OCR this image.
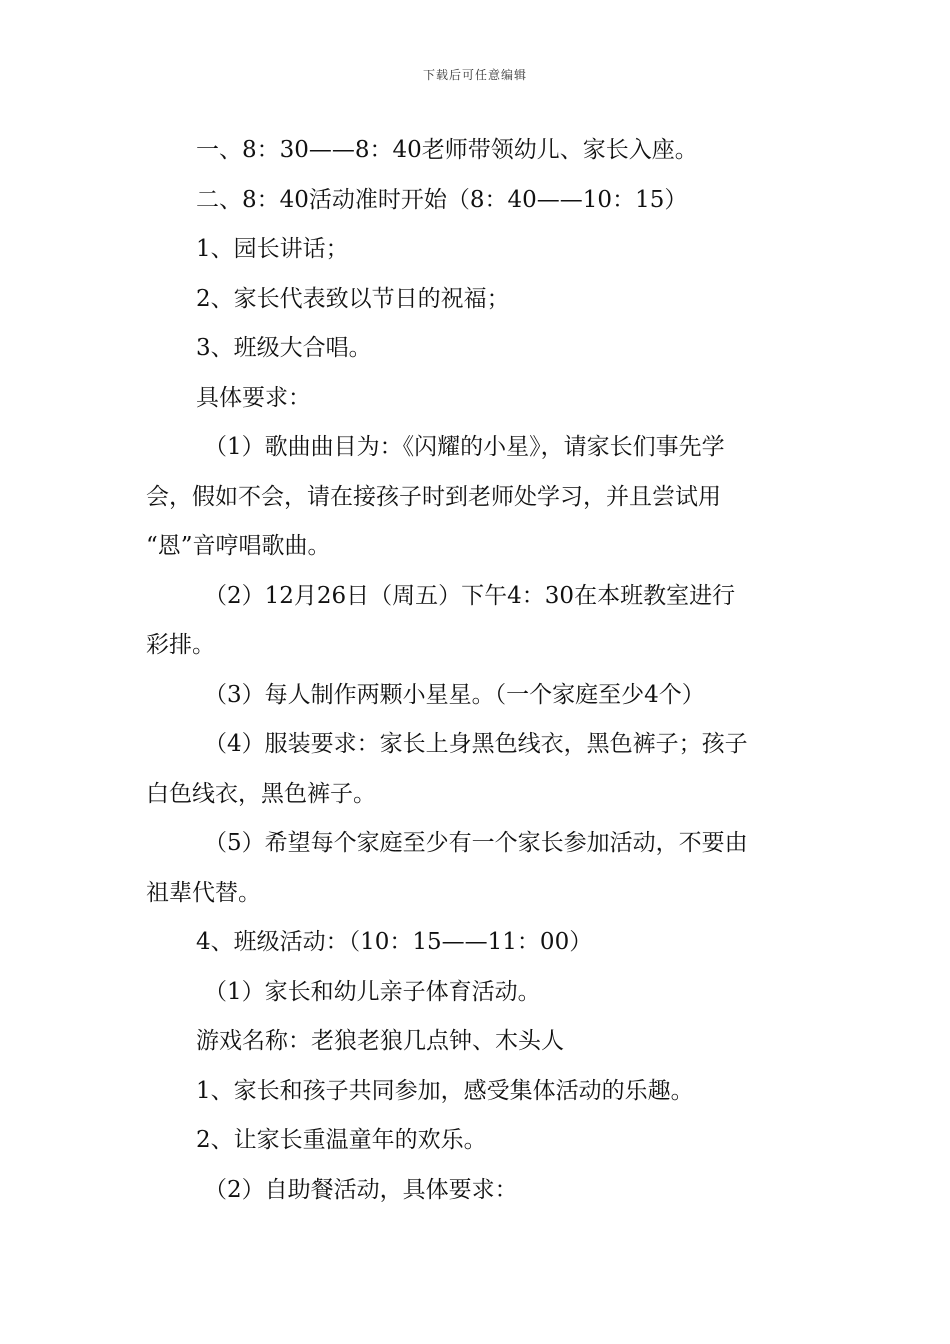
下载后可任意编辑

一、8：30——8：40老师带领幼儿、家长入座。

二、8：40活动准时开始（8：40——10：15）

1、园长讲话；

2、家长代表致以节日的祝福；

3、班级大合唱。

具体要求：

（1）歌曲曲目为：《闪耀的小星》，请家长们事先学

会，假如不会，请在接孩子时到老师处学习，并且尝试用

“恩”音哼唱歌曲。

（2）12月26日（周五）下午4：30在本班教室进行

彩排。

（3）每人制作两颗小星星。（一个家庭至少4个）

（4）服装要求：家长上身黑色线衣，黑色裤子；孩子

白色线衣，黑色裤子。

（5）希望每个家庭至少有一个家长参加活动，不要由

祖辈代替。

4、班级活动：（10：15——11：00）

（1）家长和幼儿亲子体育活动。

游戏名称：老狼老狼几点钟、木头人

1、家长和孩子共同参加，感受集体活动的乐趣。

2、让家长重温童年的欢乐。

（2）自助餐活动，具体要求：
